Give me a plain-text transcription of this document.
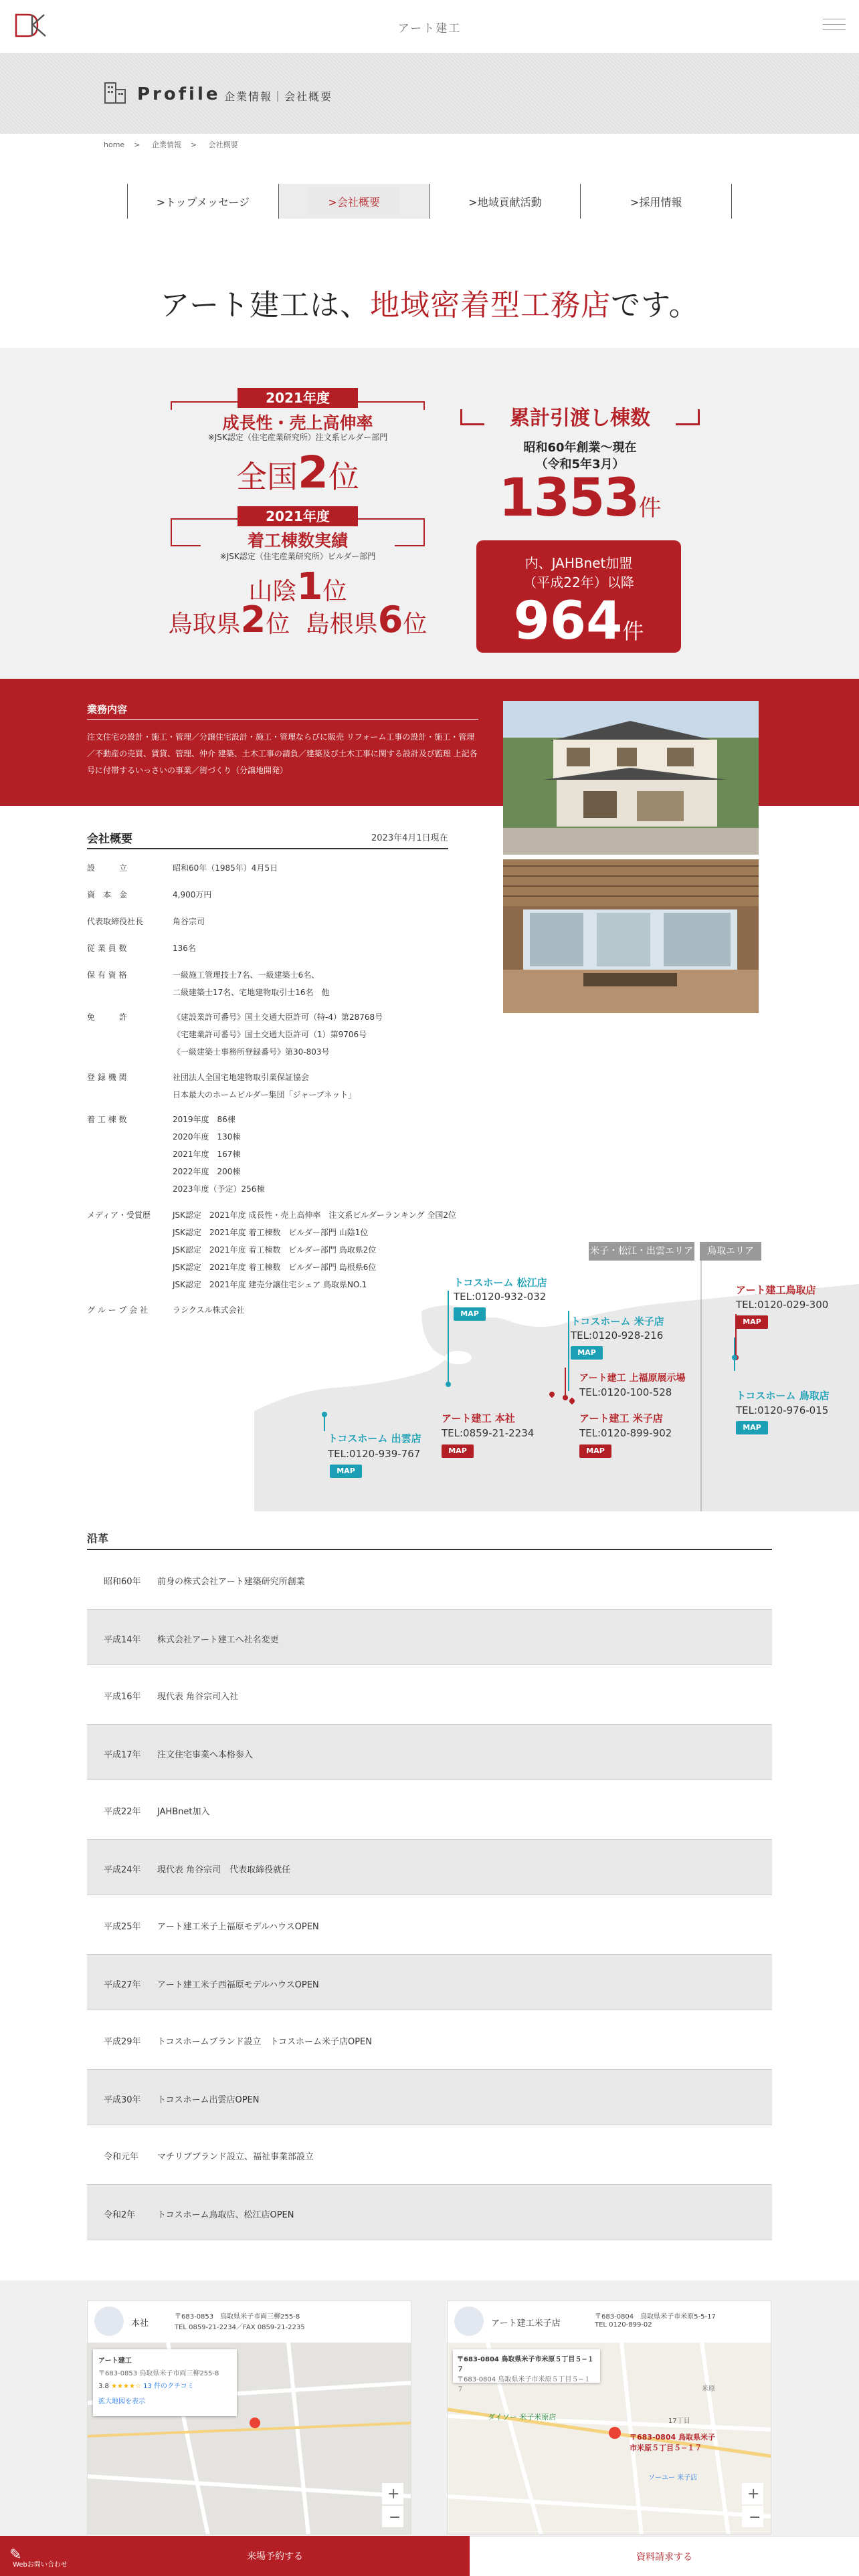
アート建工
Profile 企業情報｜会社概要
home > 企業情報 > 会社概要
>トップメッセージ	>会社概要	>地域貢献活動	>採用情報
アート建工は、地域密着型工務店です。
2021年度
成長性・売上高伸率
※JSK認定（住宅産業研究所）注文系ビルダー部門
全国2位
2021年度
着工棟数実績
※JSK認定（住宅産業研究所）ビルダー部門
山陰1位
鳥取県2位 島根県6位
累計引渡し棟数
昭和60年創業～現在
（令和5年3月）
1353件
内、JAHBnet加盟
（平成22年）以降
964件
業務内容
注文住宅の設計・施工・管理／分譲住宅設計・施工・管理ならびに販売 リフォーム工事の設計・施工・管理／不動産の売買、賃貸、管理、仲介 建築、土木工事の請負／建築及び土木工事に関する設計及び監理 上記各号に付帯するいっさいの事業／街づくり（分譲地開発）
会社概要	2023年4月1日現在
設　　　立	昭和60年（1985年）4月5日
資　本　金	4,900万円
代表取締役社長	角谷宗司
従 業 員 数	136名
保 有 資 格	一級施工管理技士7名、一級建築士6名、
二級建築士17名、宅地建物取引士16名　他
免　　　許	《建設業許可番号》国土交通大臣許可（特-4）第28768号
《宅建業許可番号》国土交通大臣許可（1）第9706号
《一級建築士事務所登録番号》第30-803号
登 録 機 関	社団法人全国宅地建物取引業保証協会
日本最大のホームビルダー集団「ジャーブネット」
着 工 棟 数	2019年度　86棟
2020年度　130棟
2021年度　167棟
2022年度　200棟
2023年度（予定）256棟
メディア・受賞歴	JSK認定　2021年度 成長性・売上高伸率　注文系ビルダーランキング 全国2位
JSK認定　2021年度 着工棟数　ビルダー部門 山陰1位
JSK認定　2021年度 着工棟数　ビルダー部門 鳥取県2位
JSK認定　2021年度 着工棟数　ビルダー部門 島根県6位
JSK認定　2021年度 建売分譲住宅シェア 鳥取県NO.1
グ ル ー プ 会 社	ラシクスル株式会社
米子・松江・出雲エリア	鳥取エリア
トコスホーム 松江店
TEL:0120-932-032
MAP
トコスホーム 米子店
TEL:0120-928-216
MAP
アート建工 上福原展示場
TEL:0120-100-528
アート建工 本社
TEL:0859-21-2234
MAP
アート建工 米子店
TEL:0120-899-902
MAP
トコスホーム 出雲店
TEL:0120-939-767
MAP
アート建工鳥取店
TEL:0120-029-300
MAP
トコスホーム 鳥取店
TEL:0120-976-015
MAP
沿革
昭和60年 前身の株式会社アート建築研究所創業
平成14年 株式会社アート建工へ社名変更
平成16年 現代表 角谷宗司入社
平成17年 注文住宅事業へ本格参入
平成22年 JAHBnet加入
平成24年 現代表 角谷宗司　代表取締役就任
平成25年 アート建工米子上福原モデルハウスOPEN
平成27年 アート建工米子西福原モデルハウスOPEN
平成29年 トコスホームブランド設立　トコスホーム米子店OPEN
平成30年 トコスホーム出雲店OPEN
令和元年 マチリブブランド設立、福祉事業部設立
令和2年	トコスホーム鳥取店、松江店OPEN
本社
〒683-0853　鳥取県米子市両三柳255-8
TEL 0859-21-2234／FAX 0859-21-2235
+
−
アート建工
〒683-0853 鳥取県米子市両三柳255-8
3.8 ★★★★☆ 13 件のクチコミ
拡大地図を表示
アート建工米子店
〒683-0804　鳥取県米子市米原5-5-17
TEL 0120-899-02
+
−
〒683-0804 鳥取県米子市米原５丁目５−１７
〒683-0804 鳥取県米子市米原５丁目５−１７
〒683-0804 鳥取県米子
市米原５丁目５−１７
ダイソー 米子米原店
米原
17丁目
ソーユー 米子店
✎
Webお問い合わせ
来場予約する	資料請求する
